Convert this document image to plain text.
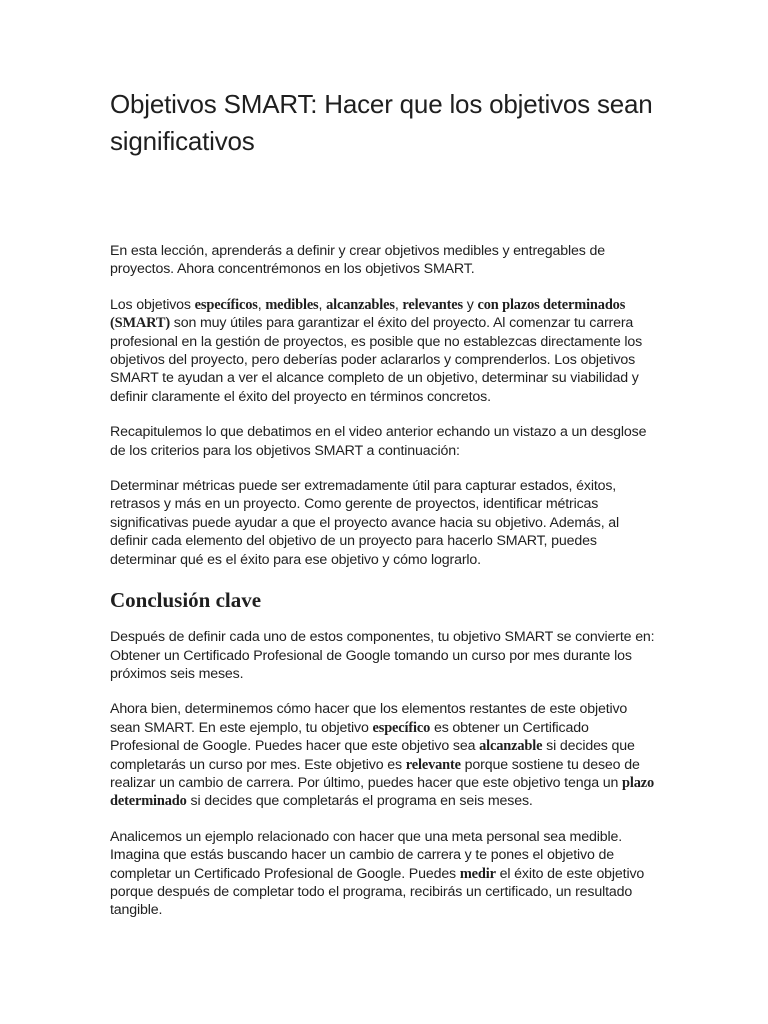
Objetivos SMART: Hacer que los objetivos sean significativos

En esta lección, aprenderás a definir y crear objetivos medibles y entregables de proyectos. Ahora concentrémonos en los objetivos SMART.

Los objetivos específicos, medibles, alcanzables, relevantes y con plazos determinados (SMART) son muy útiles para garantizar el éxito del proyecto. Al comenzar tu carrera profesional en la gestión de proyectos, es posible que no establezcas directamente los objetivos del proyecto, pero deberías poder aclararlos y comprenderlos. Los objetivos SMART te ayudan a ver el alcance completo de un objetivo, determinar su viabilidad y definir claramente el éxito del proyecto en términos concretos.

Recapitulemos lo que debatimos en el video anterior echando un vistazo a un desglose de los criterios para los objetivos SMART a continuación:

Determinar métricas puede ser extremadamente útil para capturar estados, éxitos, retrasos y más en un proyecto. Como gerente de proyectos, identificar métricas significativas puede ayudar a que el proyecto avance hacia su objetivo. Además, al definir cada elemento del objetivo de un proyecto para hacerlo SMART, puedes determinar qué es el éxito para ese objetivo y cómo lograrlo.

Conclusión clave

Después de definir cada uno de estos componentes, tu objetivo SMART se convierte en: Obtener un Certificado Profesional de Google tomando un curso por mes durante los próximos seis meses.

Ahora bien, determinemos cómo hacer que los elementos restantes de este objetivo sean SMART. En este ejemplo, tu objetivo específico es obtener un Certificado Profesional de Google. Puedes hacer que este objetivo sea alcanzable si decides que completarás un curso por mes. Este objetivo es relevante porque sostiene tu deseo de realizar un cambio de carrera. Por último, puedes hacer que este objetivo tenga un plazo determinado si decides que completarás el programa en seis meses.

Analicemos un ejemplo relacionado con hacer que una meta personal sea medible. Imagina que estás buscando hacer un cambio de carrera y te pones el objetivo de completar un Certificado Profesional de Google. Puedes medir el éxito de este objetivo porque después de completar todo el programa, recibirás un certificado, un resultado tangible.
